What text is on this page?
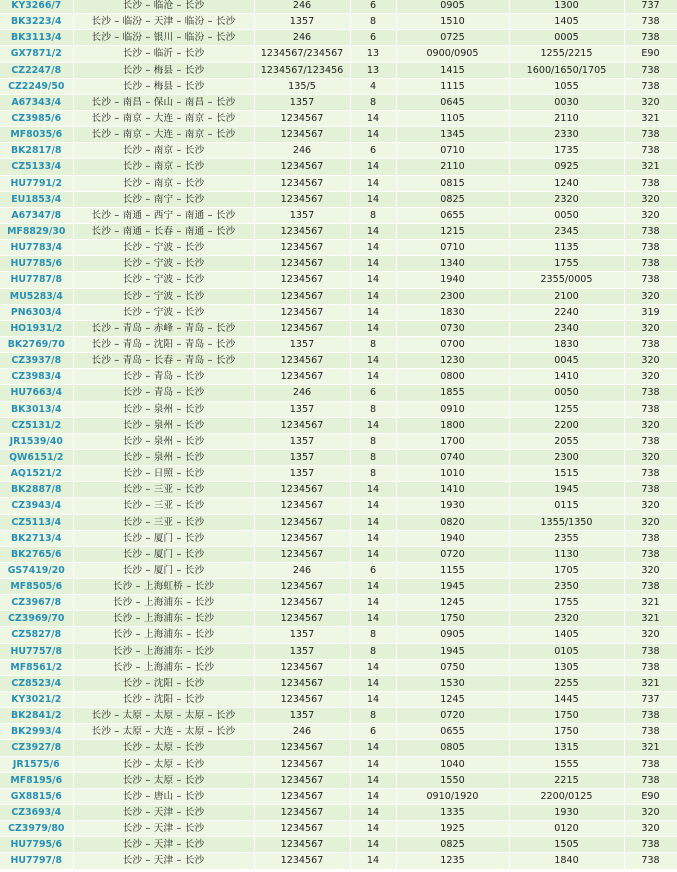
KY3266/7	长沙 – 临沧 – 长沙	246	6	0905	1300	737
BK3223/4	长沙 – 临汾 – 天津 – 临汾 – 长沙	1357	8	1510	1405	738
BK3113/4	长沙 – 临汾 – 银川 – 临汾 – 长沙	246	6	0725	0005	738
GX7871/2	长沙 – 临沂 – 长沙	1234567/234567	13	0900/0905	1255/2215	E90
CZ2247/8	长沙 – 梅县 – 长沙	1234567/123456	13	1415	1600/1650/1705	738
CZ2249/50	长沙 – 梅县 – 长沙	135/5	4	1115	1055	738
A67343/4	长沙 – 南昌 – 保山 – 南昌 – 长沙	1357	8	0645	0030	320
CZ3985/6	长沙 – 南京 – 大连 – 南京 – 长沙	1234567	14	1105	2110	321
MF8035/6	长沙 – 南京 – 大连 – 南京 – 长沙	1234567	14	1345	2330	738
BK2817/8	长沙 – 南京 – 长沙	246	6	0710	1735	738
CZ5133/4	长沙 – 南京 – 长沙	1234567	14	2110	0925	321
HU7791/2	长沙 – 南京 – 长沙	1234567	14	0815	1240	738
EU1853/4	长沙 – 南宁 – 长沙	1234567	14	0825	2320	320
A67347/8	长沙 – 南通 – 西宁 – 南通 – 长沙	1357	8	0655	0050	320
MF8829/30	长沙 – 南通 – 长春 – 南通 – 长沙	1234567	14	1215	2345	738
HU7783/4	长沙 – 宁波 – 长沙	1234567	14	0710	1135	738
HU7785/6	长沙 – 宁波 – 长沙	1234567	14	1340	1755	738
HU7787/8	长沙 – 宁波 – 长沙	1234567	14	1940	2355/0005	738
MU5283/4	长沙 – 宁波 – 长沙	1234567	14	2300	2100	320
PN6303/4	长沙 – 宁波 – 长沙	1234567	14	1830	2240	319
HO1931/2	长沙 – 青岛 – 赤峰 – 青岛 – 长沙	1234567	14	0730	2340	320
BK2769/70	长沙 – 青岛 – 沈阳 – 青岛 – 长沙	1357	8	0700	1830	738
CZ3937/8	长沙 – 青岛 – 长春 – 青岛 – 长沙	1234567	14	1230	0045	320
CZ3983/4	长沙 – 青岛 – 长沙	1234567	14	0800	1410	320
HU7663/4	长沙 – 青岛 – 长沙	246	6	1855	0050	738
BK3013/4	长沙 – 泉州 – 长沙	1357	8	0910	1255	738
CZ5131/2	长沙 – 泉州 – 长沙	1234567	14	1800	2200	320
JR1539/40	长沙 – 泉州 – 长沙	1357	8	1700	2055	738
QW6151/2	长沙 – 泉州 – 长沙	1357	8	0740	2300	320
AQ1521/2	长沙 – 日照 – 长沙	1357	8	1010	1515	738
BK2887/8	长沙 – 三亚 – 长沙	1234567	14	1410	1945	738
CZ3943/4	长沙 – 三亚 – 长沙	1234567	14	1930	0115	320
CZ5113/4	长沙 – 三亚 – 长沙	1234567	14	0820	1355/1350	320
BK2713/4	长沙 – 厦门 – 长沙	1234567	14	1940	2355	738
BK2765/6	长沙 – 厦门 – 长沙	1234567	14	0720	1130	738
GS7419/20	长沙 – 厦门 – 长沙	246	6	1155	1705	320
MF8505/6	长沙 – 上海虹桥 – 长沙	1234567	14	1945	2350	738
CZ3967/8	长沙 – 上海浦东 – 长沙	1234567	14	1245	1755	321
CZ3969/70	长沙 – 上海浦东 – 长沙	1234567	14	1750	2320	321
CZ5827/8	长沙 – 上海浦东 – 长沙	1357	8	0905	1405	320
HU7757/8	长沙 – 上海浦东 – 长沙	1357	8	1945	0105	738
MF8561/2	长沙 – 上海浦东 – 长沙	1234567	14	0750	1305	738
CZ8523/4	长沙 – 沈阳 – 长沙	1234567	14	1530	2255	321
KY3021/2	长沙 – 沈阳 – 长沙	1234567	14	1245	1445	737
BK2841/2	长沙 – 太原 – 太原 – 太原 – 长沙	1357	8	0720	1750	738
BK2993/4	长沙 – 太原 – 大连 – 太原 – 长沙	246	6	0655	1750	738
CZ3927/8	长沙 – 太原 – 长沙	1234567	14	0805	1315	321
JR1575/6	长沙 – 太原 – 长沙	1234567	14	1040	1555	738
MF8195/6	长沙 – 太原 – 长沙	1234567	14	1550	2215	738
GX8815/6	长沙 – 唐山 – 长沙	1234567	14	0910/1920	2200/0125	E90
CZ3693/4	长沙 – 天津 – 长沙	1234567	14	1335	1930	320
CZ3979/80	长沙 – 天津 – 长沙	1234567	14	1925	0120	320
HU7795/6	长沙 – 天津 – 长沙	1234567	14	0825	1505	738
HU7797/8	长沙 – 天津 – 长沙	1234567	14	1235	1840	738
